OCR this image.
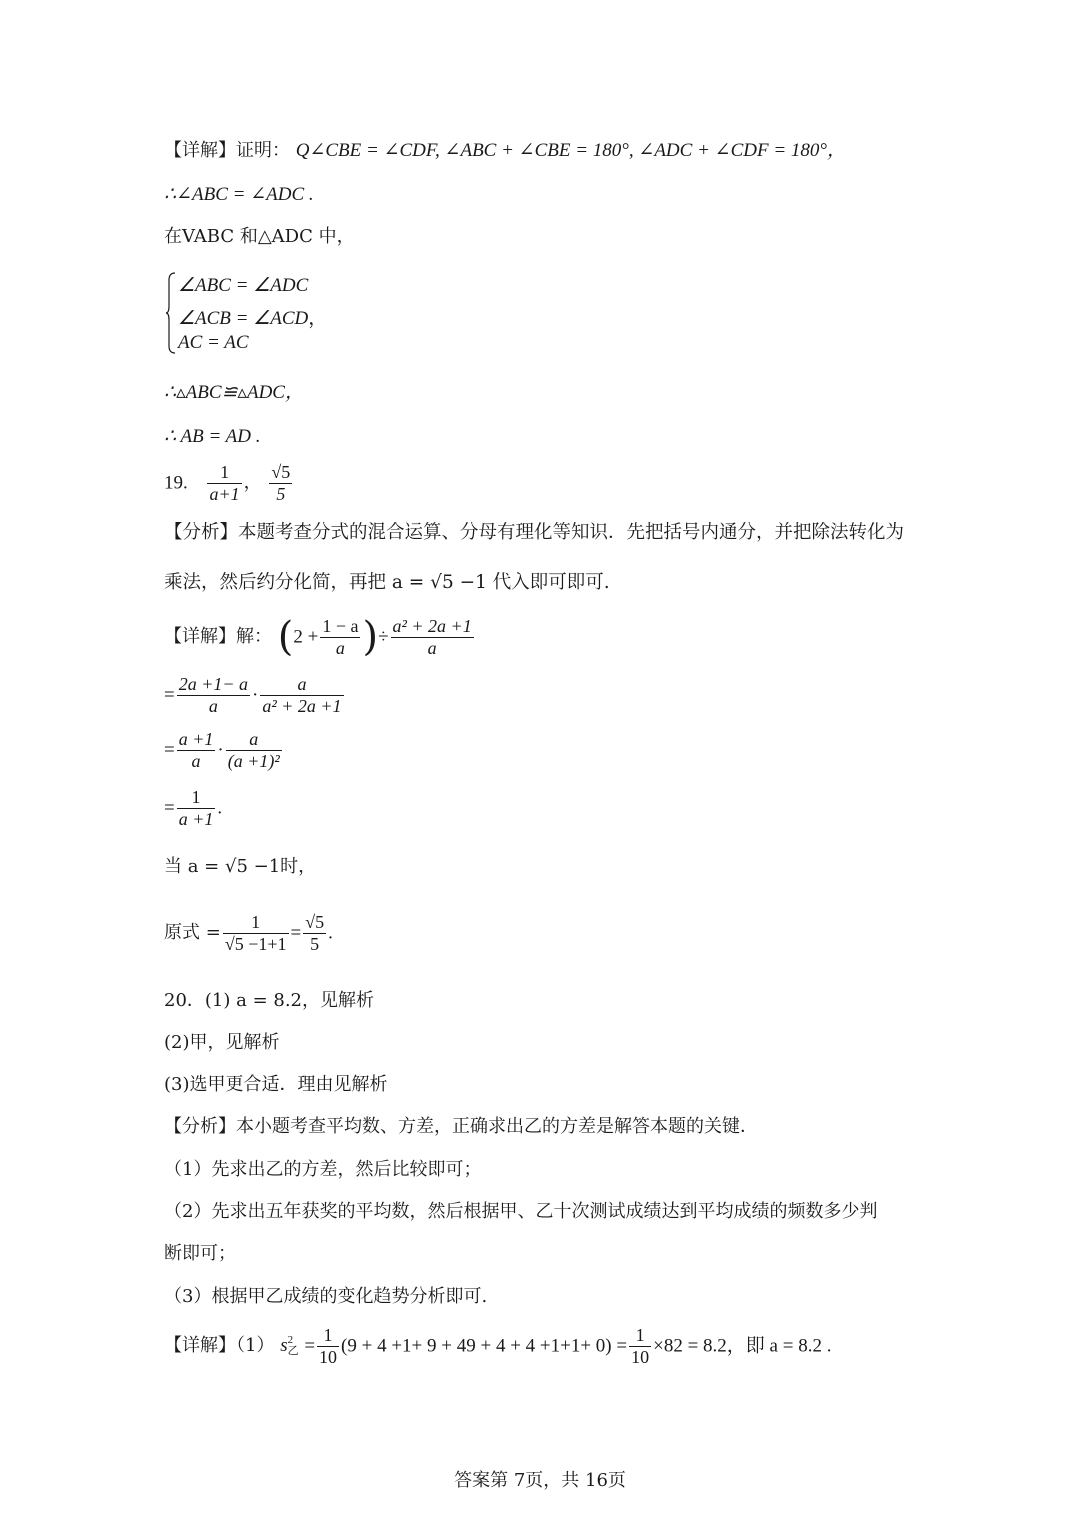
【详解】证明： Q∠CBE = ∠CDF, ∠ABC + ∠CBE = 180°, ∠ADC + ∠CDF = 180°，
∴∠ABC = ∠ADC .
在VABC 和△ADC 中，
∠ABC = ∠ADC
∠ACB = ∠ACD，
AC = AC
∴▵ABC≌▵ADC，
∴ AB = AD .
19. $\frac{1}{a+1}$ ， $\frac{√5}{5}$
【分析】本题考查分式的混合运算、分母有理化等知识．先把括号内通分，并把除法转化为
乘法，然后约分化简，再把 a = √5 −1 代入即可即可.
【详解】解： ($2 + \frac{1 - a}{a}$ )÷ $\frac{\text{a² + 2a +1}}{a}$
= $\frac{2a +1- a}{a} \cdot \frac{a}{\text{a² + 2a +1}}$
= $\frac{a +1}{a} \cdot \frac{a}{\text{(a +1)²}}$
= $\frac{1}{a +1}$ .
当 a = √5 −1时，
原式 = $\frac{1}{√5 -1+1} = \frac{√5}{5}$ .
20．(1) a = 8.2，见解析
(2)甲，见解析
(3)选甲更合适．理由见解析
【分析】本小题考查平均数、方差，正确求出乙的方差是解答本题的关键．
（1）先求出乙的方差，然后比较即可；
（2）先求出五年获奖的平均数，然后根据甲、乙十次测试成绩达到平均成绩的频数多少判
断即可；
（3）根据甲乙成绩的变化趋势分析即可.
【详解】（1） s 2
乙 = $\frac{1}{10} (9 + 4 +1+ 9 + 49 + 4 + 4 +1+1+ 0) = \frac{1}{10} \times 82 = 8.2$，即 a = 8.2 .
答案第 7页，共 16页
